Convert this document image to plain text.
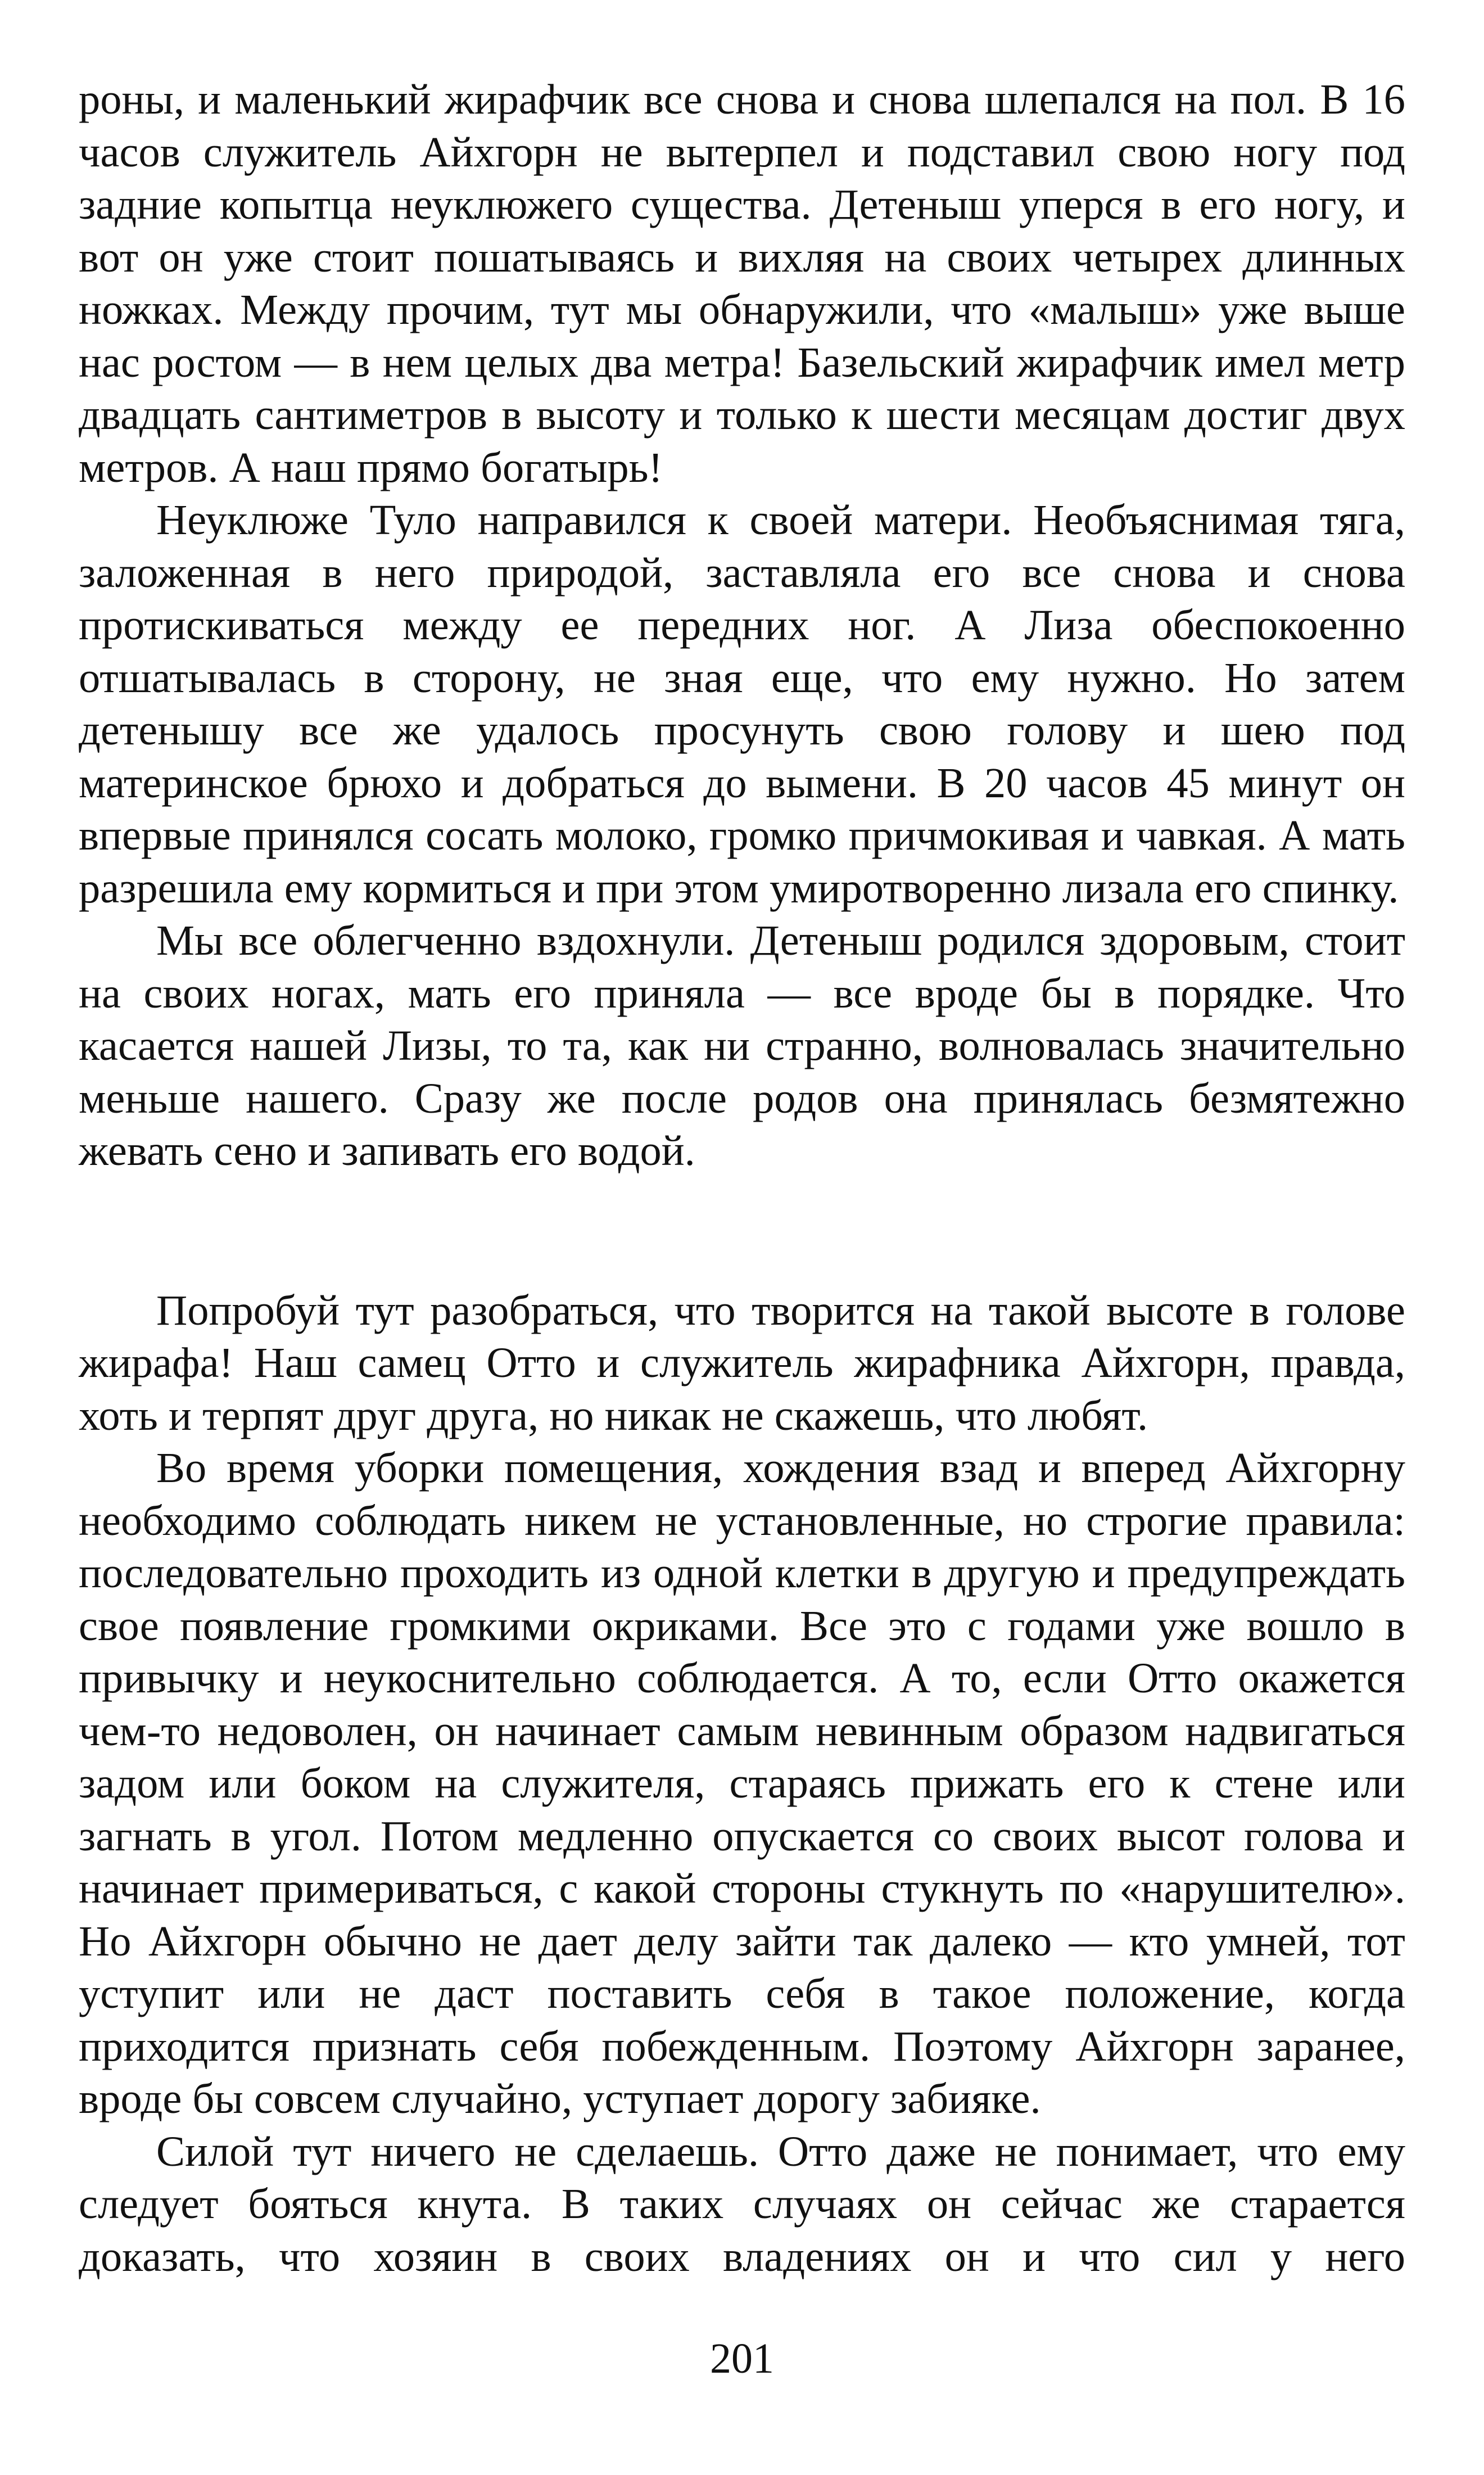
роны, и маленький жирафчик все снова и снова шлепался на пол. В 16 часов служитель Айхгорн не вытерпел и подставил свою ногу под задние копытца неуклюжего существа. Детеныш уперся в его ногу, и вот он уже стоит пошатываясь и вихляя на своих четырех длинных ножках. Между прочим, тут мы обнаружили, что «малыш» уже выше нас ростом — в нем целых два метра! Базельский жирафчик имел метр двадцать сантиметров в высоту и только к шести месяцам достиг двух метров. А наш прямо богатырь!

Неуклюже Туло направился к своей матери. Необъяснимая тяга, заложенная в него природой, заставляла его все снова и снова протискиваться между ее передних ног. А Лиза обеспокоенно отшатывалась в сторону, не зная еще, что ему нужно. Но затем детенышу все же удалось просунуть свою голову и шею под материнское брюхо и добраться до вымени. В 20 часов 45 минут он впервые принялся сосать молоко, громко причмокивая и чавкая. А мать разрешила ему кормиться и при этом умиротворенно лизала его спинку.

Мы все облегченно вздохнули. Детеныш родился здоровым, стоит на своих ногах, мать его приняла — все вроде бы в порядке. Что касается нашей Лизы, то та, как ни странно, волновалась значительно меньше нашего. Сразу же после родов она принялась безмятежно жевать сено и запивать его водой.

Попробуй тут разобраться, что творится на такой высоте в голове жирафа! Наш самец Отто и служитель жирафника Айхгорн, правда, хоть и терпят друг друга, но никак не скажешь, что любят.

Во время уборки помещения, хождения взад и вперед Айхгорну необходимо соблюдать никем не установленные, но строгие правила: последовательно проходить из одной клетки в другую и предупреждать свое появление громкими окриками. Все это с годами уже вошло в привычку и неукоснительно соблюдается. А то, если Отто окажется чем-то недоволен, он начинает самым невинным образом надвигаться задом или боком на служителя, стараясь прижать его к стене или загнать в угол. Потом медленно опускается со своих высот голова и начинает примериваться, с какой стороны стукнуть по «нарушителю». Но Айхгорн обычно не дает делу зайти так далеко — кто умней, тот уступит или не даст поставить себя в такое положение, когда приходится признать себя побежденным. Поэтому Айхгорн заранее, вроде бы совсем случайно, уступает дорогу забияке.

Силой тут ничего не сделаешь. Отто даже не понимает, что ему следует бояться кнута. В таких случаях он сейчас же старается доказать, что хозяин в своих владениях он и что сил у него

201
